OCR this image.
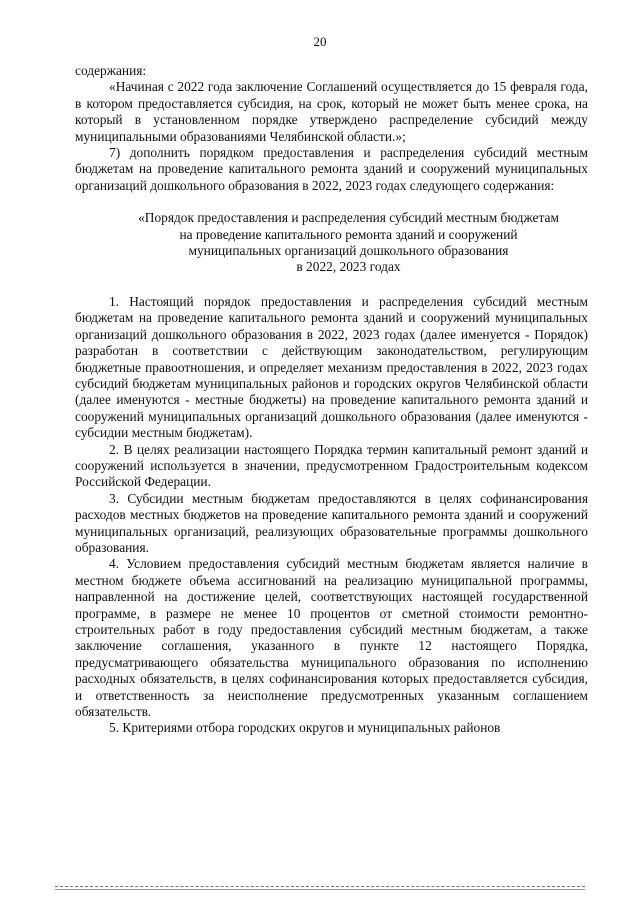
20

содержания:

«Начиная с 2022 года заключение Соглашений осуществляется до 15 февраля года, в котором предоставляется субсидия, на срок, который не может быть менее срока, на который в установленном порядке утверждено распределение субсидий между муниципальными образованиями Челябинской области.»;

7) дополнить порядком предоставления и распределения субсидий местным бюджетам на проведение капитального ремонта зданий и сооружений муниципальных организаций дошкольного образования в 2022, 2023 годах следующего содержания:

«Порядок предоставления и распределения субсидий местным бюджетам
на проведение капитального ремонта зданий и сооружений
муниципальных организаций дошкольного образования
в 2022, 2023 годах

1. Настоящий порядок предоставления и распределения субсидий местным бюджетам на проведение капитального ремонта зданий и сооружений муниципальных организаций дошкольного образования в 2022, 2023 годах (далее именуется - Порядок) разработан в соответствии с действующим законодательством, регулирующим бюджетные правоотношения, и определяет механизм предоставления в 2022, 2023 годах субсидий бюджетам муниципальных районов и городских округов Челябинской области (далее именуются - местные бюджеты) на проведение капитального ремонта зданий и сооружений муниципальных организаций дошкольного образования (далее именуются - субсидии местным бюджетам).

2. В целях реализации настоящего Порядка термин капитальный ремонт зданий и сооружений используется в значении, предусмотренном Градостроительным кодексом Российской Федерации.

3. Субсидии местным бюджетам предоставляются в целях софинансирования расходов местных бюджетов на проведение капитального ремонта зданий и сооружений муниципальных организаций, реализующих образовательные программы дошкольного образования.

4. Условием предоставления субсидий местным бюджетам является наличие в местном бюджете объема ассигнований на реализацию муниципальной программы, направленной на достижение целей, соответствующих настоящей государственной программе, в размере не менее 10 процентов от сметной стоимости ремонтно-строительных работ в году предоставления субсидий местным бюджетам, а также заключение соглашения, указанного в пункте 12 настоящего Порядка, предусматривающего обязательства муниципального образования по исполнению расходных обязательств, в целях софинансирования которых предоставляется субсидия, и ответственность за неисполнение предусмотренных указанным соглашением обязательств.

5. Критериями отбора городских округов и муниципальных районов
